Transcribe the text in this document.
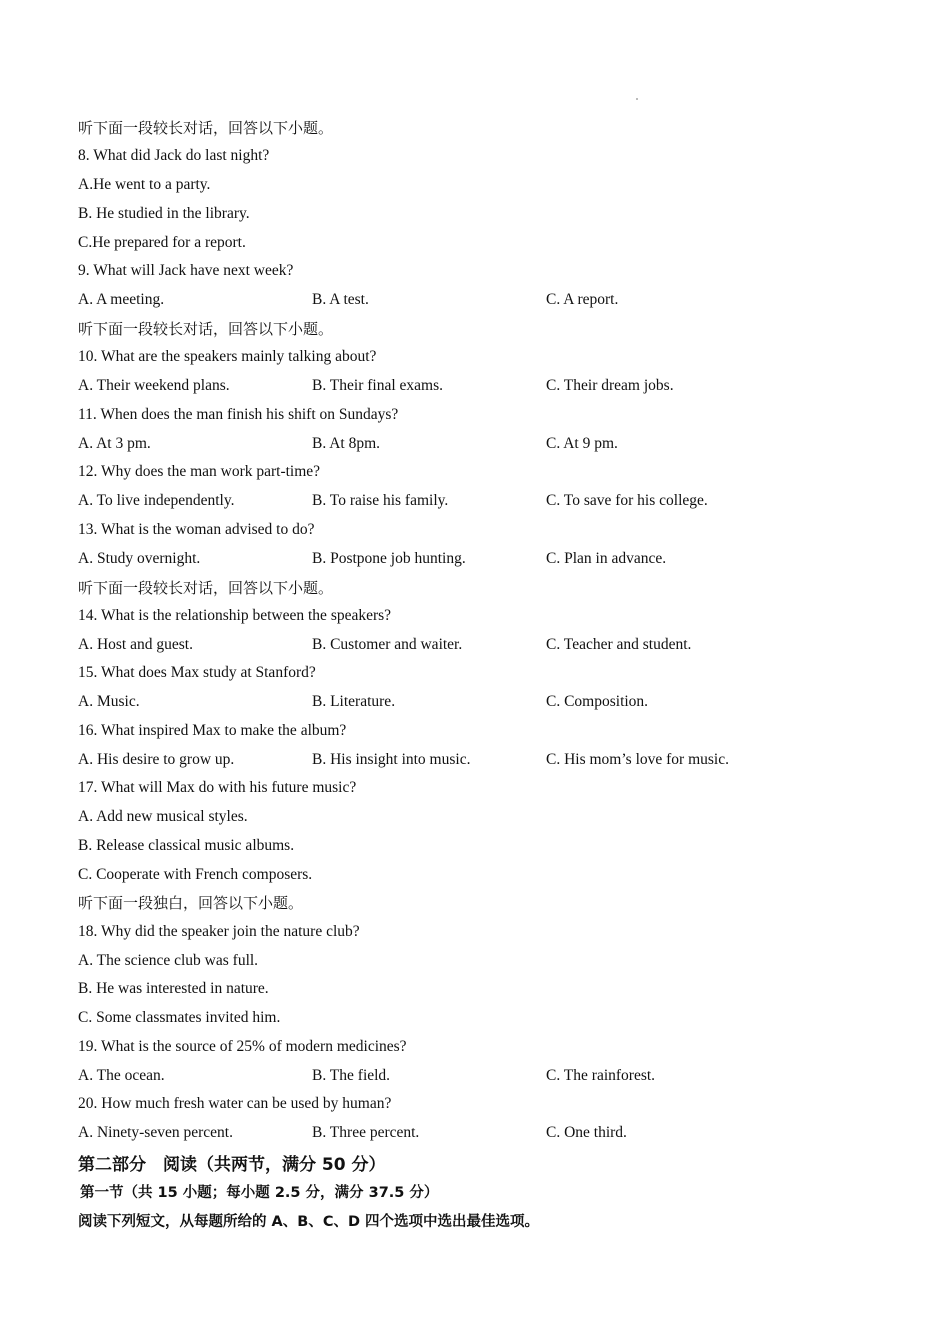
听下面一段较长对话，回答以下小题。
8. What did Jack do last night?
A.He went to a party.
B. He studied in the library.
C.He prepared for a report.
9. What will Jack have next week?
A. A meeting.	B. A test.	C. A report.
听下面一段较长对话，回答以下小题。
10. What are the speakers mainly talking about?
A. Their weekend plans.	B. Their final exams.	C. Their dream jobs.
11. When does the man finish his shift on Sundays?
A. At 3 pm.	B. At 8pm.	C. At 9 pm.
12. Why does the man work part-time?
A. To live independently.	B. To raise his family.	C. To save for his college.
13. What is the woman advised to do?
A. Study overnight.	B. Postpone job hunting.	C. Plan in advance.
听下面一段较长对话，回答以下小题。
14. What is the relationship between the speakers?
A. Host and guest.	B. Customer and waiter.	C. Teacher and student.
15. What does Max study at Stanford?
A. Music.	B. Literature.	C. Composition.
16. What inspired Max to make the album?
A. His desire to grow up.	B. His insight into music.	C. His mom’s love for music.
17. What will Max do with his future music?
A. Add new musical styles.
B. Release classical music albums.
C. Cooperate with French composers.
听下面一段独白，回答以下小题。
18. Why did the speaker join the nature club?
A. The science club was full.
B. He was interested in nature.
C. Some classmates invited him.
19. What is the source of 25% of modern medicines?
A. The ocean.	B. The field.	C. The rainforest.
20. How much fresh water can be used by human?
A. Ninety-seven percent.	B. Three percent.	C. One third.
第二部分　阅读（共两节，满分 50 分）
第一节（共 15 小题；每小题 2.5 分，满分 37.5 分）
阅读下列短文，从每题所给的 A、B、C、D 四个选项中选出最佳选项。
